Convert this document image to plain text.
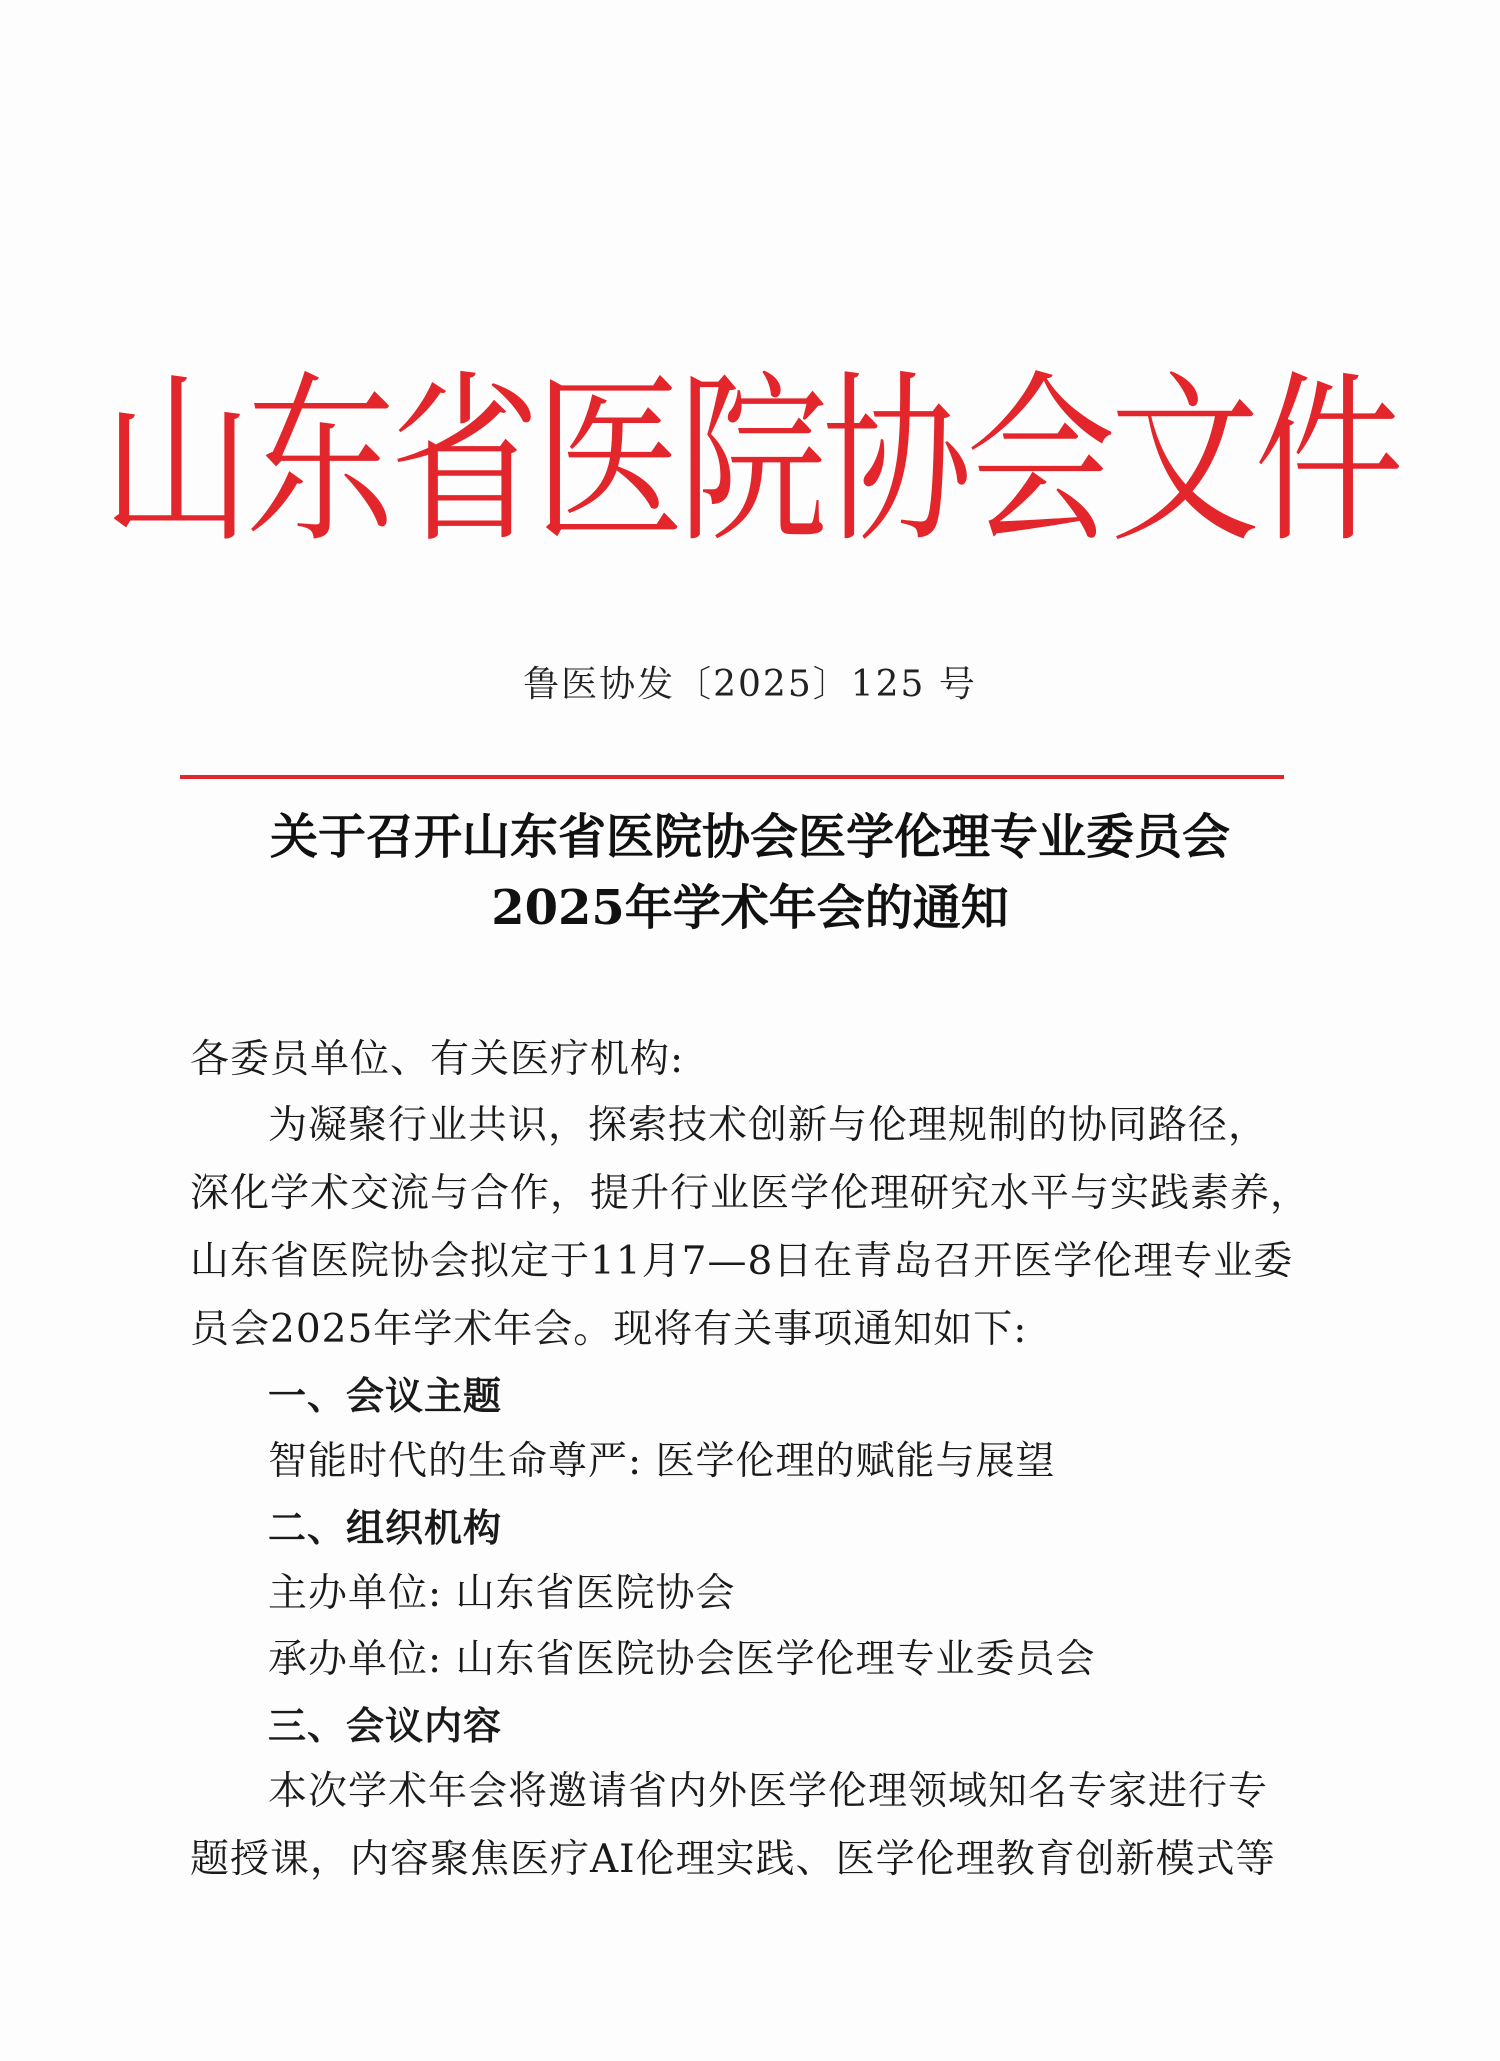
山东省医院协会文件
鲁医协发〔2025〕125 号
关于召开山东省医院协会医学伦理专业委员会
2025年学术年会的通知
各委员单位、有关医疗机构:
为凝聚行业共识，探索技术创新与伦理规制的协同路径，
深化学术交流与合作，提升行业医学伦理研究水平与实践素养，
山东省医院协会拟定于11月7—8日在青岛召开医学伦理专业委
员会2025年学术年会。现将有关事项通知如下:
一、会议主题
智能时代的生命尊严: 医学伦理的赋能与展望
二、组织机构
主办单位: 山东省医院协会
承办单位: 山东省医院协会医学伦理专业委员会
三、会议内容
本次学术年会将邀请省内外医学伦理领域知名专家进行专
题授课，内容聚焦医疗AI伦理实践、医学伦理教育创新模式等
